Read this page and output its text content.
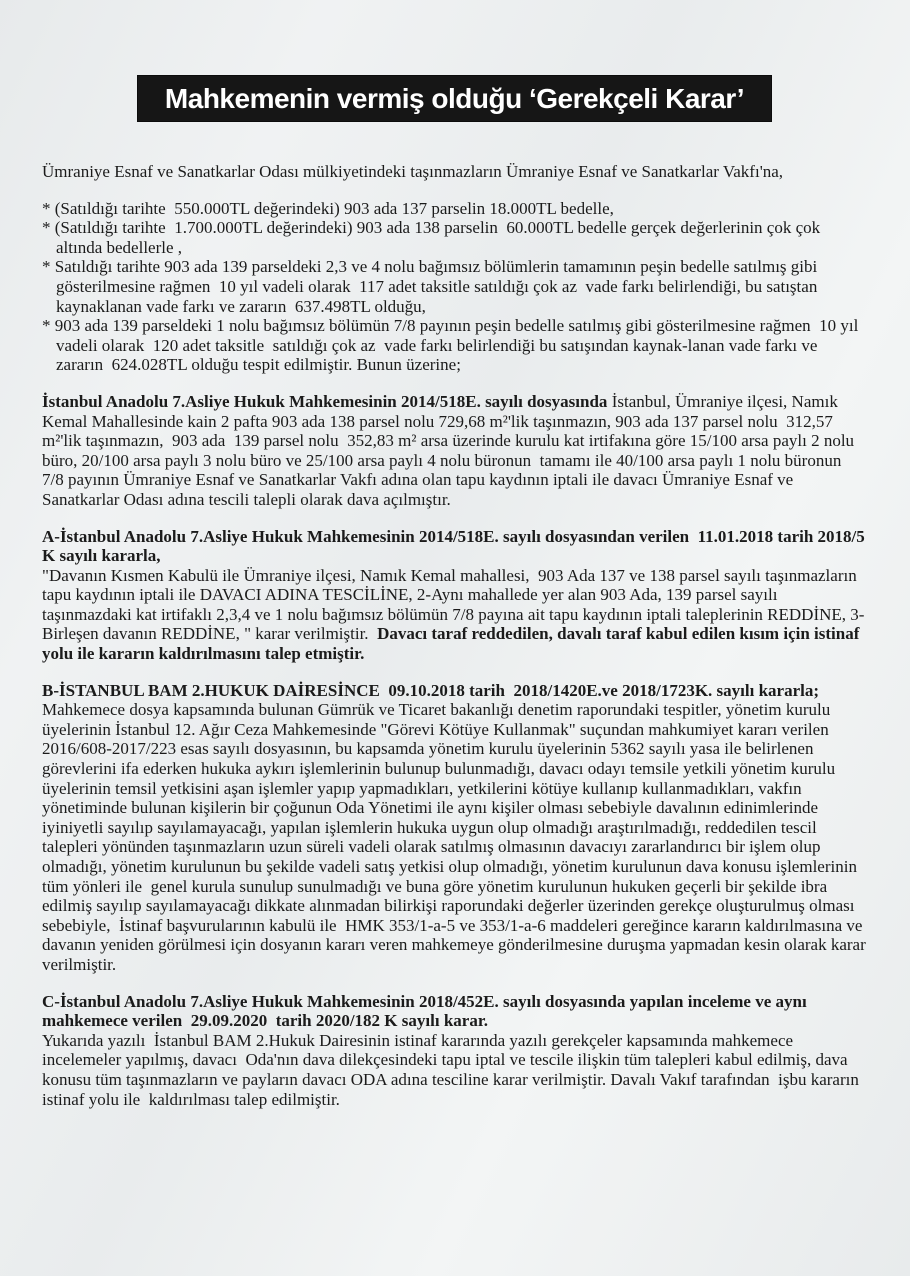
Mahkemenin vermiş olduğu ‘Gerekçeli Karar’
Ümraniye Esnaf ve Sanatkarlar Odası mülkiyetindeki taşınmazların Ümraniye Esnaf ve Sanatkarlar Vakfı'na,
* (Satıldığı tarihte  550.000TL değerindeki) 903 ada 137 parselin 18.000TL bedelle,
* (Satıldığı tarihte  1.700.000TL değerindeki) 903 ada 138 parselin  60.000TL bedelle gerçek değerlerinin çok çok altında bedellerle ,
* Satıldığı tarihte 903 ada 139 parseldeki 2,3 ve 4 nolu bağımsız bölümlerin tamamının peşin bedelle satılmış gibi gösterilmesine rağmen  10 yıl vadeli olarak  117 adet taksitle satıldığı çok az  vade farkı belirlendiği, bu satıştan kaynaklanan vade farkı ve zararın  637.498TL olduğu,
* 903 ada 139 parseldeki 1 nolu bağımsız bölümün 7/8 payının peşin bedelle satılmış gibi gösterilmesine rağmen  10 yıl vadeli olarak  120 adet taksitle  satıldığı çok az  vade farkı belirlendiği bu satışından kaynak-lanan vade farkı ve zararın  624.028TL olduğu tespit edilmiştir. Bunun üzerine;
İstanbul Anadolu 7.Asliye Hukuk Mahkemesinin 2014/518E. sayılı dosyasında İstanbul, Ümraniye ilçesi, Namık Kemal Mahallesinde kain 2 pafta 903 ada 138 parsel nolu 729,68 m²'lik taşınmazın, 903 ada 137 parsel nolu  312,57 m²'lik taşınmazın,  903 ada  139 parsel nolu  352,83 m² arsa üzerinde kurulu kat irtifakına göre 15/100 arsa paylı 2 nolu büro, 20/100 arsa paylı 3 nolu büro ve 25/100 arsa paylı 4 nolu büronun  tamamı ile 40/100 arsa paylı 1 nolu büronun 7/8 payının Ümraniye Esnaf ve Sanatkarlar Vakfı adına olan tapu kaydının iptali ile davacı Ümraniye Esnaf ve Sanatkarlar Odası adına tescili talepli olarak dava açılmıştır.
A-İstanbul Anadolu 7.Asliye Hukuk Mahkemesinin 2014/518E. sayılı dosyasından verilen  11.01.2018 tarih 2018/5 K sayılı kararla,
"Davanın Kısmen Kabulü ile Ümraniye ilçesi, Namık Kemal mahallesi,  903 Ada 137 ve 138 parsel sayılı taşınmazların  tapu kaydının iptali ile DAVACI ADINA TESCİLİNE, 2-Aynı mahallede yer alan 903 Ada, 139 parsel sayılı taşınmazdaki kat irtifaklı 2,3,4 ve 1 nolu bağımsız bölümün 7/8 payına ait tapu kaydının iptali taleplerinin REDDİNE, 3-Birleşen davanın REDDİNE, " karar verilmiştir.  Davacı taraf reddedilen, davalı taraf kabul edilen kısım için istinaf yolu ile kararın kaldırılmasını talep etmiştir.
B-İSTANBUL BAM 2.HUKUK DAİRESİNCE  09.10.2018 tarih  2018/1420E.ve 2018/1723K. sayılı kararla;
Mahkemece dosya kapsamında bulunan Gümrük ve Ticaret bakanlığı denetim raporundaki tespitler, yönetim kurulu üyelerinin İstanbul 12. Ağır Ceza Mahkemesinde "Görevi Kötüye Kullanmak" suçundan mahkumiyet kararı verilen 2016/608-2017/223 esas sayılı dosyasının, bu kapsamda yönetim kurulu üyelerinin 5362 sayılı yasa ile belirlenen görevlerini ifa ederken hukuka aykırı işlemlerinin bulunup bulunmadığı, davacı odayı temsile yetkili yönetim kurulu üyelerinin temsil yetkisini aşan işlemler yapıp yapmadıkları, yetkilerini kötüye kullanıp kullanmadıkları, vakfın yönetiminde bulunan kişilerin bir çoğunun Oda Yönetimi ile aynı kişiler olması sebebiyle davalının edinimlerinde iyiniyetli sayılıp sayılamayacağı, yapılan işlemlerin hukuka uygun olup olmadığı araştırılmadığı, reddedilen tescil talepleri yönünden taşınmazların uzun süreli vadeli olarak satılmış olmasının davacıyı zararlandırıcı bir işlem olup olmadığı, yönetim kurulunun bu şekilde vadeli satış yetkisi olup olmadığı, yönetim kurulunun dava konusu işlemlerinin tüm yönleri ile  genel kurula sunulup sunulmadığı ve buna göre yönetim kurulunun hukuken geçerli bir şekilde ibra edilmiş sayılıp sayılamayacağı dikkate alınmadan bilirkişi raporundaki değerler üzerinden gerekçe oluşturulmuş olması sebebiyle,  İstinaf başvurularının kabulü ile  HMK 353/1-a-5 ve 353/1-a-6 maddeleri gereğince kararın kaldırılmasına ve davanın yeniden görülmesi için dosyanın kararı veren mahkemeye gönderilmesine duruşma yapmadan kesin olarak karar verilmiştir.
C-İstanbul Anadolu 7.Asliye Hukuk Mahkemesinin 2018/452E. sayılı dosyasında yapılan inceleme ve aynı mahkemece verilen  29.09.2020  tarih 2020/182 K sayılı karar.
Yukarıda yazılı  İstanbul BAM 2.Hukuk Dairesinin istinaf kararında yazılı gerekçeler kapsamında mahkemece incelemeler yapılmış, davacı  Oda'nın dava dilekçesindeki tapu iptal ve tescile ilişkin tüm talepleri kabul edilmiş, dava konusu tüm taşınmazların ve payların davacı ODA adına tesciline karar verilmiştir. Davalı Vakıf tarafından  işbu kararın  istinaf yolu ile  kaldırılması talep edilmiştir.
